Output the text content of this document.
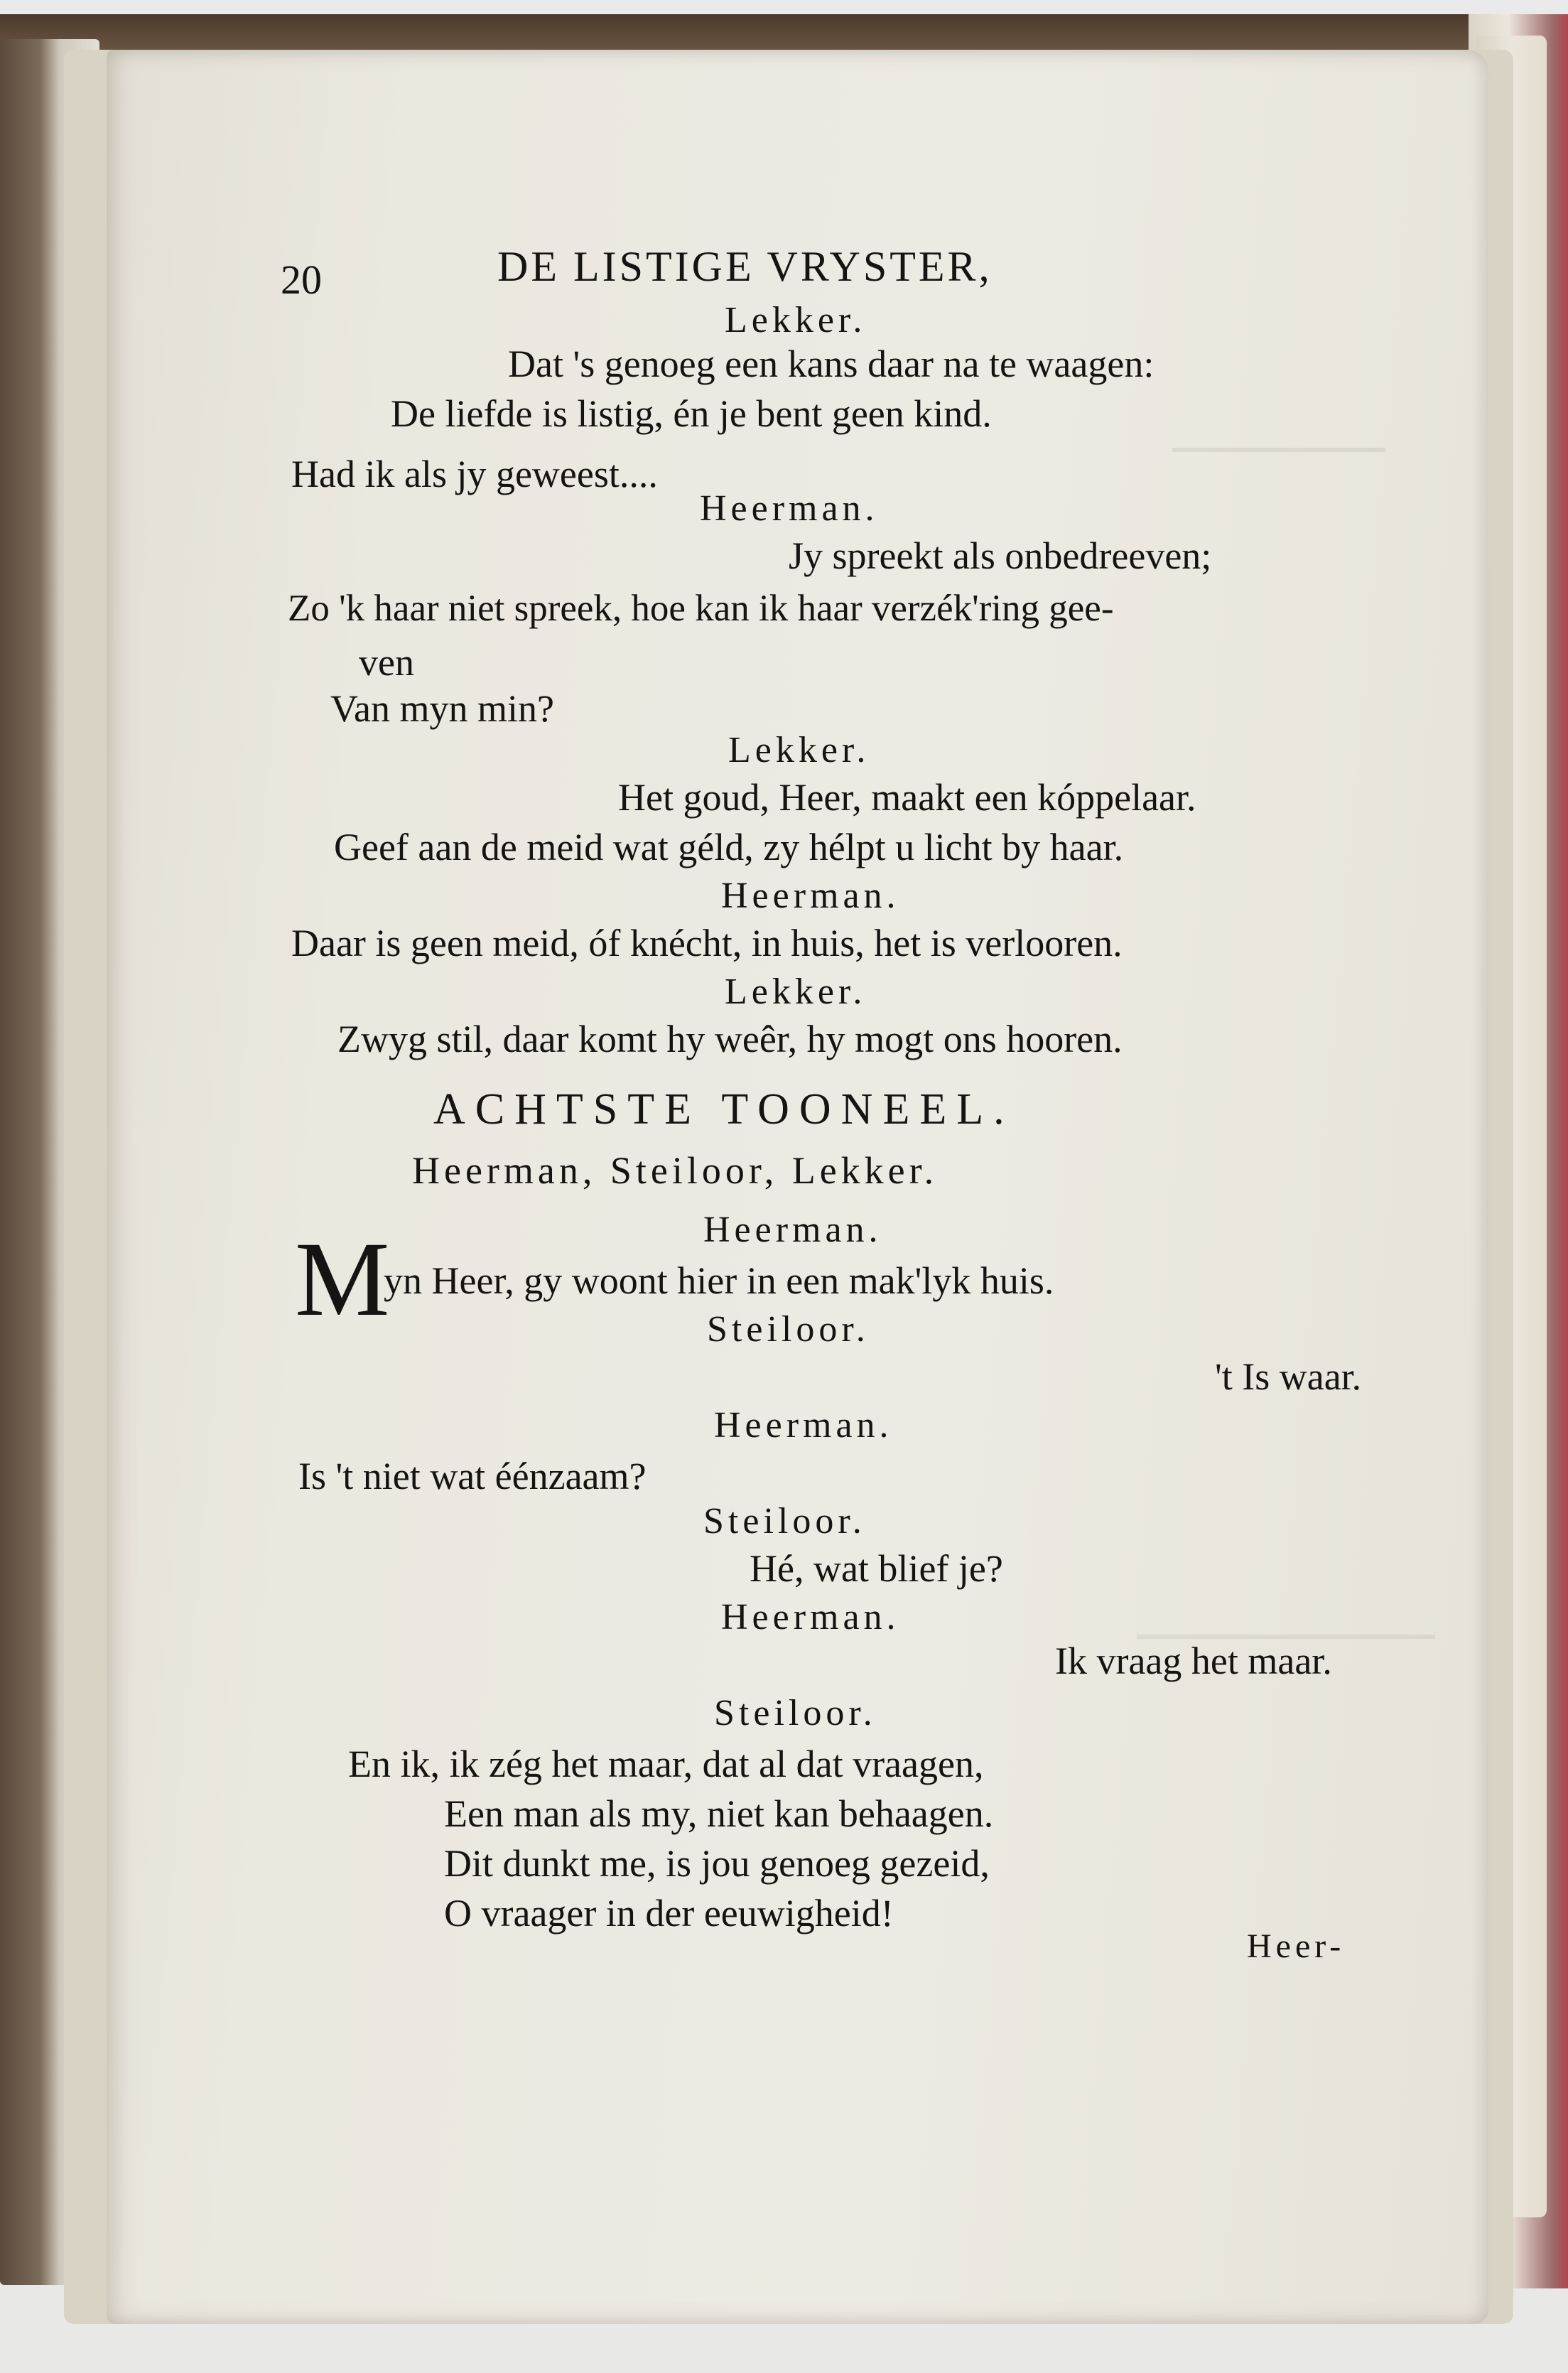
20	DE LISTIGE VRYSTER,
Lekker.
Dat 's genoeg een kans daar na te waagen:
De liefde is listig, én je bent geen kind.
Had ik als jy geweest....
Heerman.
Jy spreekt als onbedreeven;
Zo 'k haar niet spreek, hoe kan ik haar verzék'ring gee-
ven
Van myn min?
Lekker.
Het goud, Heer, maakt een kóppelaar.
Geef aan de meid wat géld, zy hélpt u licht by haar.
Heerman.
Daar is geen meid, óf knécht, in huis, het is verlooren.
Lekker.
Zwyg stil, daar komt hy weêr, hy mogt ons hooren.
ACHTSTE TOONEEL.
Heerman, Steiloor, Lekker.
Heerman.
M
yn Heer, gy woont hier in een mak'lyk huis.
Steiloor.
't Is waar.
Heerman.
Is 't niet wat éénzaam?
Steiloor.
Hé, wat blief je?
Heerman.
Ik vraag het maar.
Steiloor.
En ik, ik zég het maar, dat al dat vraagen,
Een man als my, niet kan behaagen.
Dit dunkt me, is jou genoeg gezeid,
O vraager in der eeuwigheid!
Heer-
